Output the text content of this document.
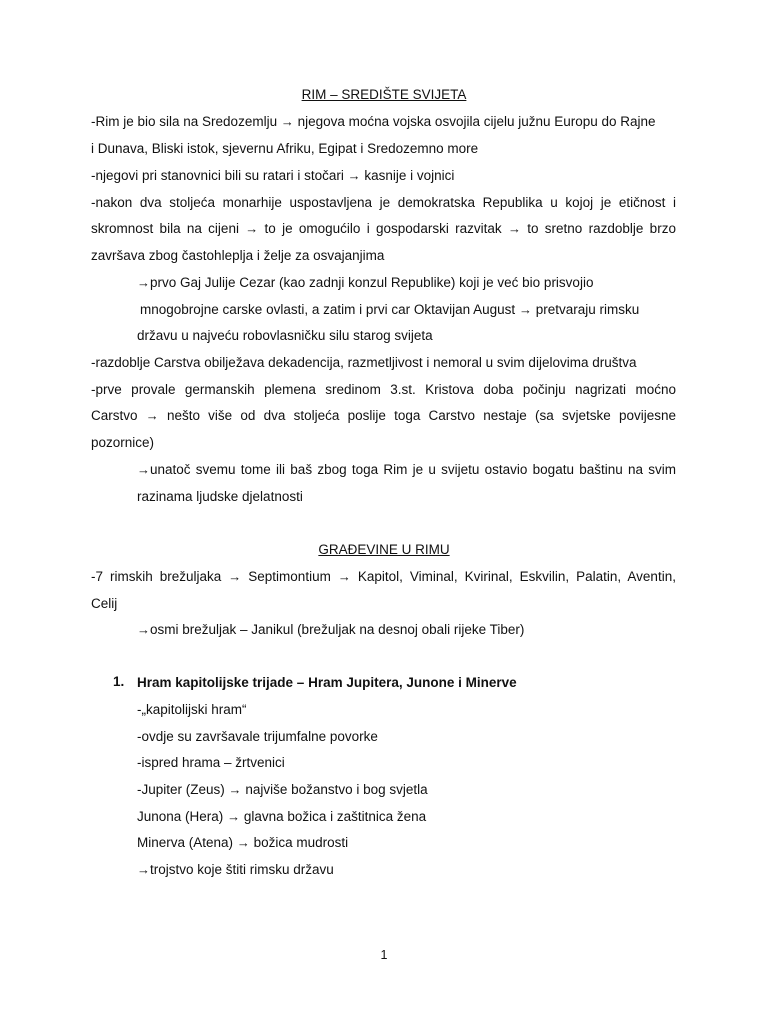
RIM – SREDIŠTE SVIJETA
-Rim je bio sila na Sredozemlju → njegova moćna vojska osvojila cijelu južnu Europu do Rajne
i Dunava, Bliski istok, sjevernu Afriku, Egipat i Sredozemno more
-njegovi pri stanovnici bili su ratari i stočari → kasnije i vojnici
-nakon dva stoljeća monarhije uspostavljena je demokratska Republika u kojoj je etičnost i
skromnost bila na cijeni → to je omogućilo i gospodarski razvitak → to sretno razdoblje brzo
završava zbog častohleplja i želje za osvajanjima
→prvo Gaj Julije Cezar (kao zadnji konzul Republike) koji je već bio prisvojio
mnogobrojne carske ovlasti, a zatim i prvi car Oktavijan August → pretvaraju rimsku
državu u najveću robovlasničku silu starog svijeta
-razdoblje Carstva obilježava dekadencija, razmetljivost i nemoral u svim dijelovima društva
-prve provale germanskih plemena sredinom 3.st. Kristova doba počinju nagrizati moćno
Carstvo → nešto više od dva stoljeća poslije toga Carstvo nestaje (sa svjetske povijesne
pozornice)
→unatoč svemu tome ili baš zbog toga Rim je u svijetu ostavio bogatu baštinu na svim
razinama ljudske djelatnosti
GRAĐEVINE U RIMU
-7 rimskih brežuljaka → Septimontium → Kapitol, Viminal, Kvirinal, Eskvilin, Palatin, Aventin,
Celij
→osmi brežuljak – Janikul (brežuljak na desnoj obali rijeke Tiber)
1. Hram kapitolijske trijade – Hram Jupitera, Junone i Minerve
-„kapitolijski hram“
-ovdje su završavale trijumfalne povorke
-ispred hrama – žrtvenici
-Jupiter (Zeus) → najviše božanstvo i bog svjetla
Junona (Hera) → glavna božica i zaštitnica žena
Minerva (Atena) → božica mudrosti
→trojstvo koje štiti rimsku državu
1
